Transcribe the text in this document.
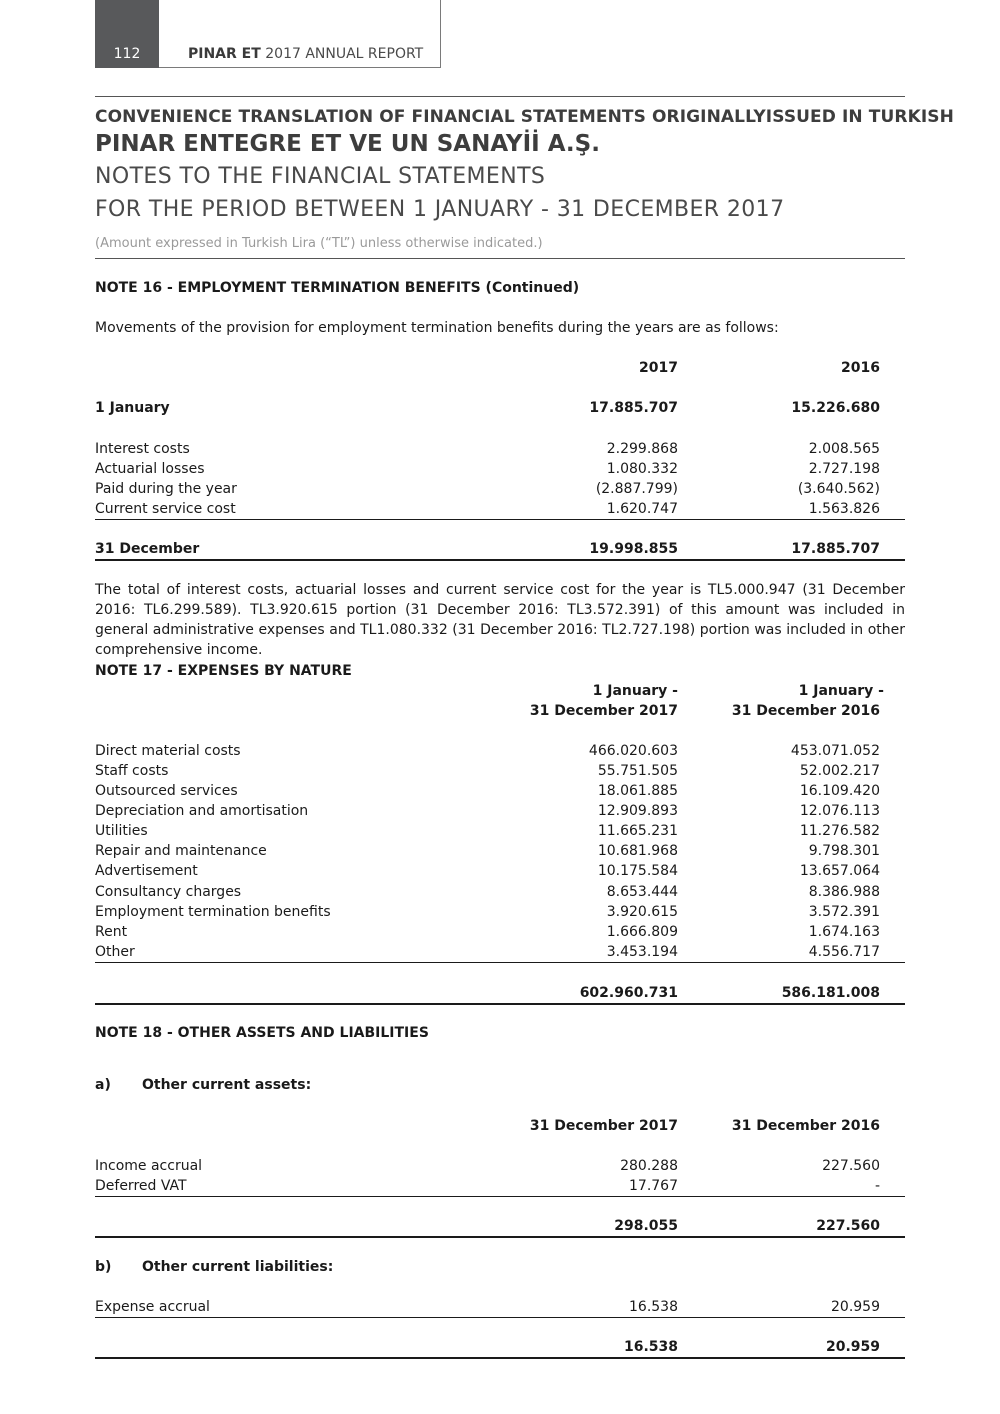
112	PINAR ET 2017 ANNUAL REPORT
CONVENIENCE TRANSLATION OF FINANCIAL STATEMENTS ORIGINALLYISSUED IN TURKISH
PINAR ENTEGRE ET VE UN SANAYİİ A.Ş.
NOTES TO THE FINANCIAL STATEMENTS
FOR THE PERIOD BETWEEN 1 JANUARY - 31 DECEMBER 2017
(Amount expressed in Turkish Lira (“TL”) unless otherwise indicated.)
NOTE 16 - EMPLOYMENT TERMINATION BENEFITS (Continued)
Movements of the provision for employment termination benefits during the years are as follows:
2017	2016
1 January	17.885.707	15.226.680
Interest costs	2.299.868	2.008.565
Actuarial losses	1.080.332	2.727.198
Paid during the year	(2.887.799)	(3.640.562)
Current service cost	1.620.747	1.563.826
31 December	19.998.855	17.885.707
The total of interest costs, actuarial losses and current service cost for the year is TL5.000.947 (31 December 2016: TL6.299.589). TL3.920.615 portion (31 December 2016: TL3.572.391) of this amount was included in general administrative expenses and TL1.080.332 (31 December 2016: TL2.727.198) portion was included in other comprehensive income.
NOTE 17 - EXPENSES BY NATURE
1 January -	1 January -
31 December 2017	31 December 2016
Direct material costs	466.020.603	453.071.052
Staff costs	55.751.505	52.002.217
Outsourced services	18.061.885	16.109.420
Depreciation and amortisation	12.909.893	12.076.113
Utilities	11.665.231	11.276.582
Repair and maintenance	10.681.968	9.798.301
Advertisement	10.175.584	13.657.064
Consultancy charges	8.653.444	8.386.988
Employment termination benefits	3.920.615	3.572.391
Rent	1.666.809	1.674.163
Other	3.453.194	4.556.717
602.960.731	586.181.008
NOTE 18 - OTHER ASSETS AND LIABILITIES
a) Other current assets:
31 December 2017	31 December 2016
Income accrual	280.288	227.560
Deferred VAT	17.767	-
298.055	227.560
b) Other current liabilities:
Expense accrual	16.538	20.959
16.538	20.959
